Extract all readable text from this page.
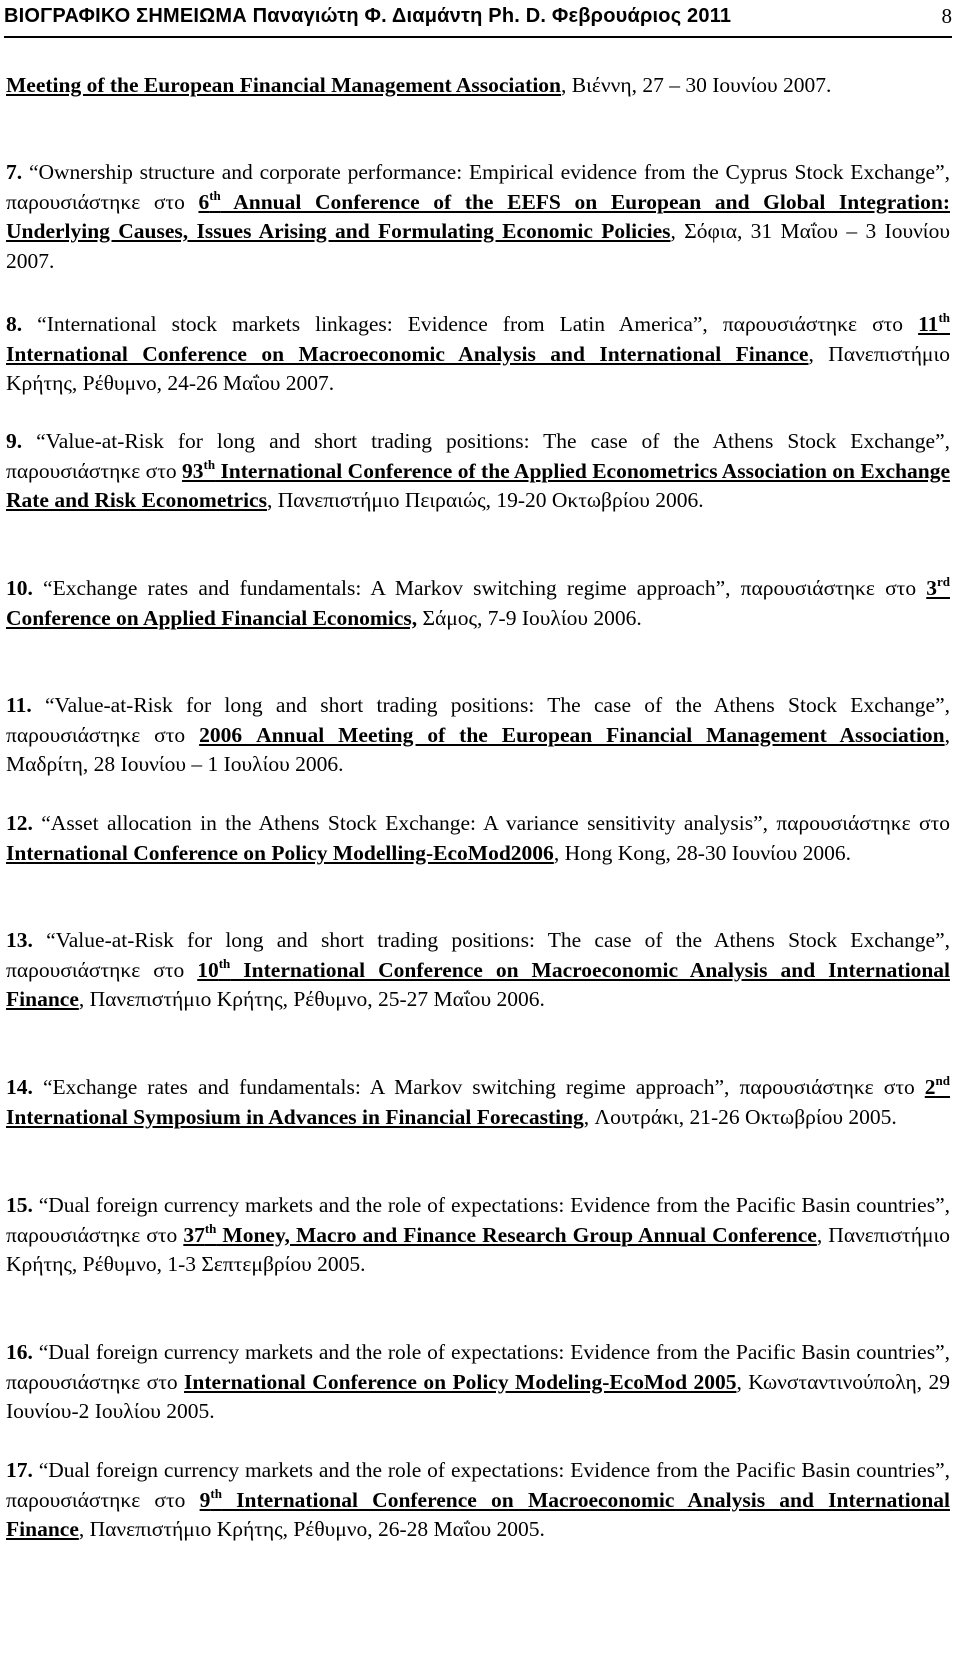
ΒΙΟΓΡΑΦΙΚΟ ΣΗΜΕΙΩΜΑ Παναγιώτη Φ. Διαμάντη Ph. D. Φεβρουάριος 2011	8

Meeting of the European Financial Management Association, Βιέννη, 27 – 30 Ιουνίου 2007.

7. “Ownership structure and corporate performance: Empirical evidence from the Cyprus Stock Exchange”, παρουσιάστηκε στο 6th Annual Conference of the EEFS on European and Global Integration: Underlying Causes, Issues Arising and Formulating Economic Policies, Σόφια, 31 Μαΐου – 3 Ιουνίου 2007.

8. “International stock markets linkages: Evidence from Latin America”, παρουσιάστηκε στο 11th International Conference on Macroeconomic Analysis and International Finance, Πανεπιστήμιο Κρήτης, Ρέθυμνο, 24-26 Μαΐου 2007.

9. “Value-at-Risk for long and short trading positions: The case of the Athens Stock Exchange”, παρουσιάστηκε στο 93th International Conference of the Applied Econometrics Association on Exchange Rate and Risk Econometrics, Πανεπιστήμιο Πειραιώς, 19-20 Οκτωβρίου 2006.

10. “Exchange rates and fundamentals: A Markov switching regime approach”, παρουσιάστηκε στο 3rd Conference on Applied Financial Economics, Σάμος, 7-9 Ιουλίου 2006.

11. “Value-at-Risk for long and short trading positions: The case of the Athens Stock Exchange”, παρουσιάστηκε στο 2006 Annual Meeting of the European Financial Management Association, Μαδρίτη, 28 Ιουνίου – 1 Ιουλίου 2006.

12. “Asset allocation in the Athens Stock Exchange: A variance sensitivity analysis”, παρουσιάστηκε στο International Conference on Policy Modelling-EcoMod2006, Hong Kong, 28-30 Ιουνίου 2006.

13. “Value-at-Risk for long and short trading positions: The case of the Athens Stock Exchange”, παρουσιάστηκε στο 10th International Conference on Macroeconomic Analysis and International Finance, Πανεπιστήμιο Κρήτης, Ρέθυμνο, 25-27 Μαΐου 2006.

14. “Exchange rates and fundamentals: A Markov switching regime approach”, παρουσιάστηκε στο 2nd International Symposium in Advances in Financial Forecasting, Λουτράκι, 21-26 Οκτωβρίου 2005.

15. “Dual foreign currency markets and the role of expectations: Evidence from the Pacific Basin countries”, παρουσιάστηκε στο 37th Money, Macro and Finance Research Group Annual Conference, Πανεπιστήμιο Κρήτης, Ρέθυμνο, 1-3 Σεπτεμβρίου 2005.

16. “Dual foreign currency markets and the role of expectations: Evidence from the Pacific Basin countries”, παρουσιάστηκε στο International Conference on Policy Modeling-EcoMod 2005, Κωνσταντινούπολη, 29 Ιουνίου-2 Ιουλίου 2005.

17. “Dual foreign currency markets and the role of expectations: Evidence from the Pacific Basin countries”, παρουσιάστηκε στο 9th International Conference on Macroeconomic Analysis and International Finance, Πανεπιστήμιο Κρήτης, Ρέθυμνο, 26-28 Μαΐου 2005.
